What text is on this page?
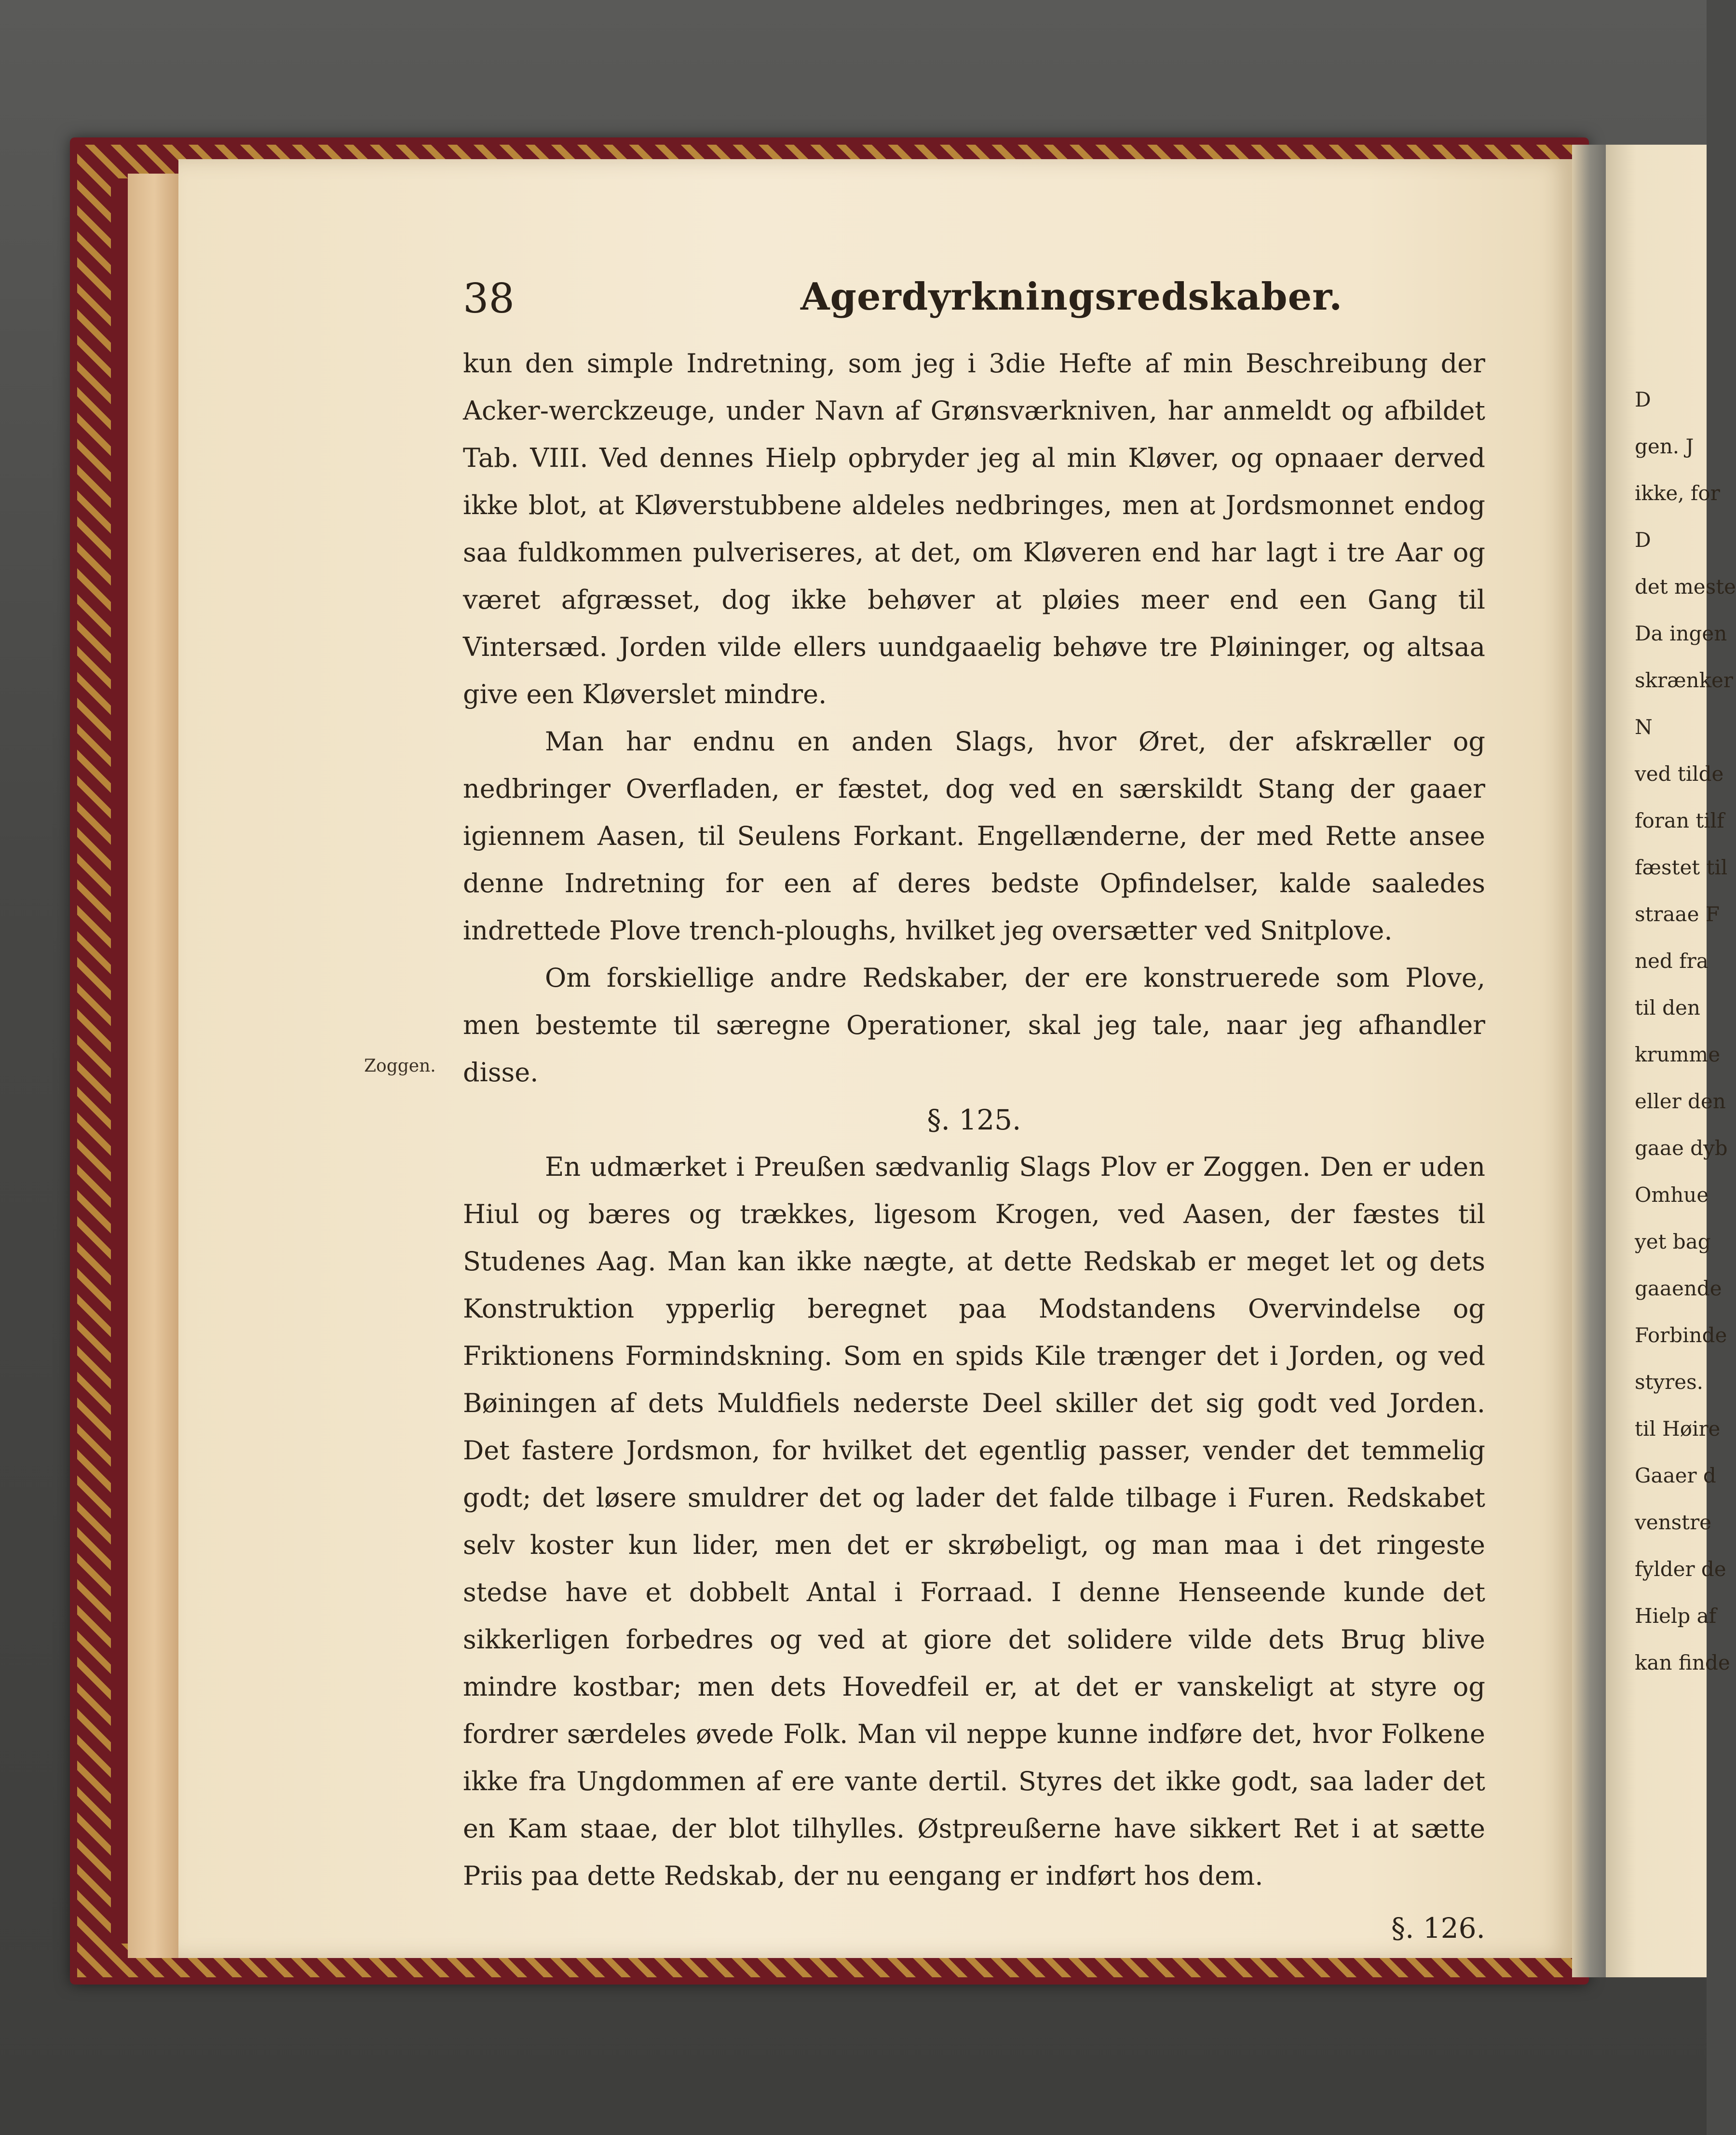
38	Agerdyrkningsredskaber.
Zoggen.

kun den simple Indretning, som jeg i 3die Hefte af min Beschreibung der Acker-werckzeuge, under Navn af Grønsværkniven, har anmeldt og afbildet Tab. VIII. Ved dennes Hielp opbryder jeg al min Kløver, og opnaaer derved ikke blot, at Kløverstubbene aldeles nedbringes, men at Jordsmonnet endog saa fuldkommen pulveriseres, at det, om Kløveren end har lagt i tre Aar og været afgræsset, dog ikke behøver at pløies meer end een Gang til Vintersæd. Jorden vilde ellers uundgaaelig behøve tre Pløininger, og altsaa give een Kløverslet mindre.

Man har endnu en anden Slags, hvor Øret, der afskræller og nedbringer Overfladen, er fæstet, dog ved en særskildt Stang der gaaer igiennem Aasen, til Seulens Forkant. Engellænderne, der med Rette ansee denne Indretning for een af deres bedste Opfindelser, kalde saaledes indrettede Plove trench-ploughs, hvilket jeg oversætter ved Snitplove.

Om forskiellige andre Redskaber, der ere konstruerede som Plove, men bestemte til særegne Operationer, skal jeg tale, naar jeg afhandler disse.

§. 125.

En udmærket i Preußen sædvanlig Slags Plov er Zoggen. Den er uden Hiul og bæres og trækkes, ligesom Krogen, ved Aasen, der fæstes til Studenes Aag. Man kan ikke nægte, at dette Redskab er meget let og dets Konstruktion ypperlig beregnet paa Modstandens Overvindelse og Friktionens Formindskning. Som en spids Kile trænger det i Jorden, og ved Bøiningen af dets Muldfiels nederste Deel skiller det sig godt ved Jorden. Det fastere Jordsmon, for hvilket det egentlig passer, vender det temmelig godt; det løsere smuldrer det og lader det falde tilbage i Furen. Redskabet selv koster kun lider, men det er skrøbeligt, og man maa i det ringeste stedse have et dobbelt Antal i Forraad. I denne Henseende kunde det sikkerligen forbedres og ved at giore det solidere vilde dets Brug blive mindre kostbar; men dets Hovedfeil er, at det er vanskeligt at styre og fordrer særdeles øvede Folk. Man vil neppe kunne indføre det, hvor Folkene ikke fra Ungdommen af ere vante dertil. Styres det ikke godt, saa lader det en Kam staae, der blot tilhylles. Østpreußerne have sikkert Ret i at sætte Priis paa dette Redskab, der nu eengang er indført hos dem.

§. 126.

D
gen. J
ikke, for
D
det meste
Da ingen
skrænker
N
ved tilde
foran tilf
fæstet til
straae F
ned fra
til den
krumme
eller den
gaae dyb
Omhue
yet bag
gaaende
Forbinde
styres.
til Høire
Gaaer d
venstre
fylder de
Hielp af
kan finde
